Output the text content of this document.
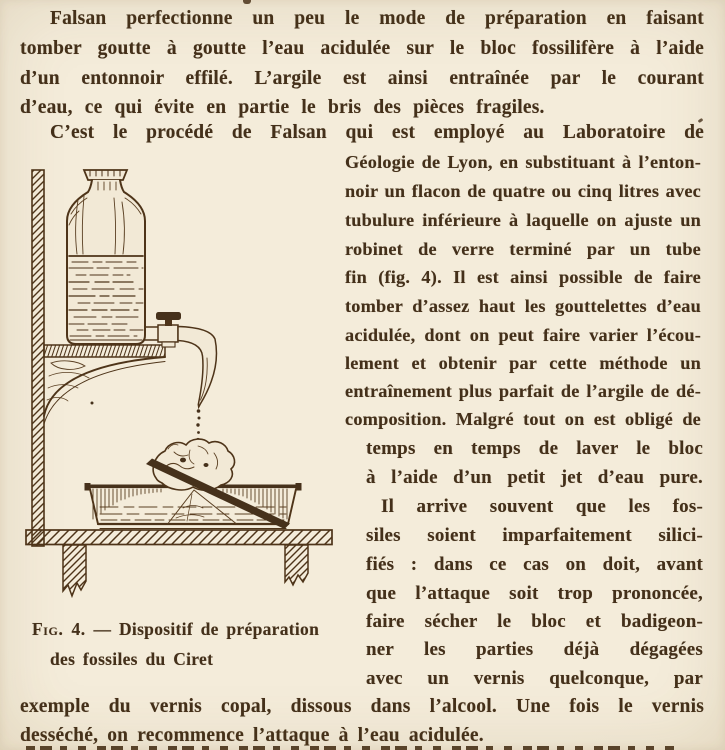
Falsan perfectionne un peu le mode de préparation en faisant
tomber goutte à goutte l’eau acidulée sur le bloc fossilifère à l’aide
d’un entonnoir effilé. L’argile est ainsi entraînée par le courant
d’eau, ce qui évite en partie le bris des pièces fragiles.
C’est le procédé de Falsan qui est employé au Laboratoire de
Géologie de Lyon, en substituant à l’enton-
noir un flacon de quatre ou cinq litres avec
tubulure inférieure à laquelle on ajuste un
robinet de verre terminé par un tube
fin (fig. 4). Il est ainsi possible de faire
tomber d’assez haut les gouttelettes d’eau
acidulée, dont on peut faire varier l’écou-
lement et obtenir par cette méthode un
entraînement plus parfait de l’argile de dé-
composition. Malgré tout on est obligé de
temps en temps de laver le bloc
à l’aide d’un petit jet d’eau pure.
Il arrive souvent que les fos-
siles soient imparfaitement silici-
fiés : dans ce cas on doit, avant
que l’attaque soit trop prononcée,
faire sécher le bloc et badigeon-
ner les parties déjà dégagées
avec un vernis quelconque, par
exemple du vernis copal, dissous dans l’alcool. Une fois le vernis
desséché, on recommence l’attaque à l’eau acidulée.
Fig. 4. — Dispositif de préparation
des fossiles du Ciret
